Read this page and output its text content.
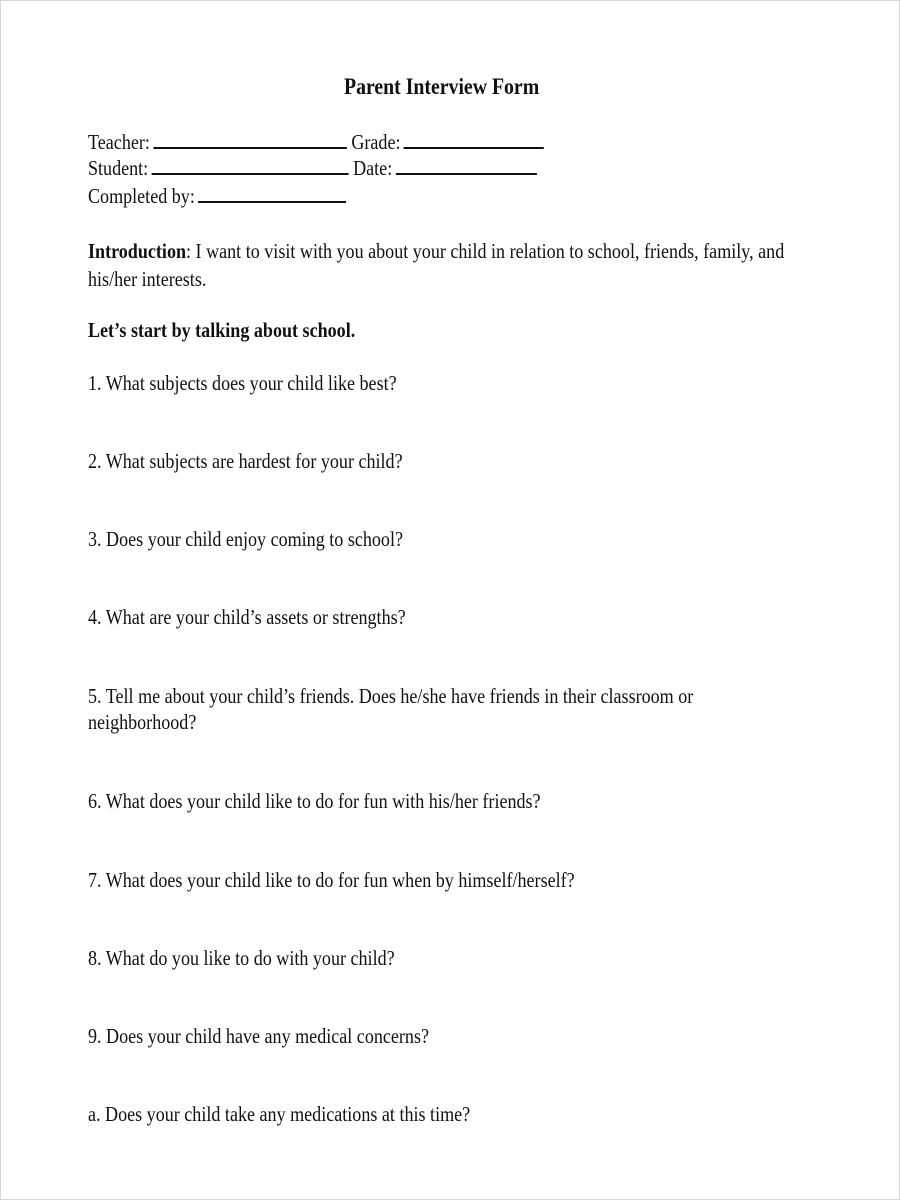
Parent Interview Form
Teacher:	Grade:
Student:	Date:
Completed by:
Introduction: I want to visit with you about your child in relation to school, friends, family, and
his/her interests.
Let’s start by talking about school.
1. What subjects does your child like best?
2. What subjects are hardest for your child?
3. Does your child enjoy coming to school?
4. What are your child’s assets or strengths?
5. Tell me about your child’s friends. Does he/she have friends in their classroom or
neighborhood?
6. What does your child like to do for fun with his/her friends?
7. What does your child like to do for fun when by himself/herself?
8. What do you like to do with your child?
9. Does your child have any medical concerns?
a. Does your child take any medications at this time?
